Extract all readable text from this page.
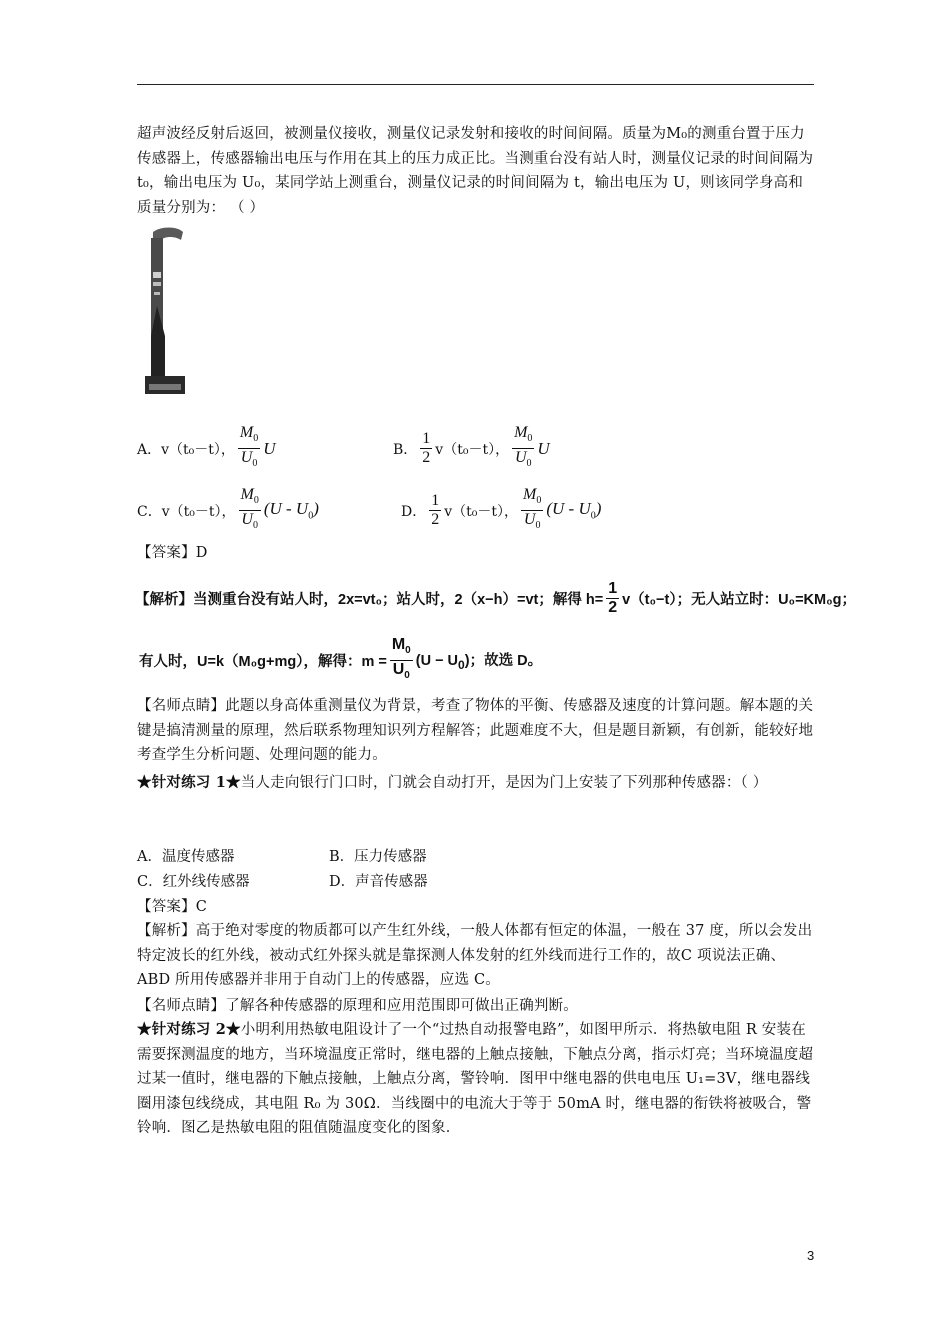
超声波经反射后返回，被测量仪接收，测量仪记录发射和接收的时间间隔。质量为M₀的测重台置于压力传感器上，传感器输出电压与作用在其上的压力成正比。当测重台没有站人时，测量仪记录的时间间隔为 t₀，输出电压为 U₀，某同学站上测重台，测量仪记录的时间间隔为 t，输出电压为 U，则该同学身高和质量分别为： （ ）
A．v（t₀－t）， $\frac{M_0}{U_0}$ U	B． $\frac{1}{2} v(t_0-t)$， $\frac{M_0}{U_0}$ U
C．v（t₀－t）， $\frac{M_0}{U_0} (U - U_0)$	D． $\frac{1}{2} v(t_0-t)$， $\frac{M_0}{U_0} (U - U_0)$
【答案】D
【解析】当测重台没有站人时，2x=vt₀；站人时，2（x−h）=vt；解得 $h= \frac{1}{2} v(t_0-t)$；无人站立时：U₀=KM₀g；
有人时，U=k（M₀g+mg），解得：$m = \frac{M_0}{U_0} (U - U_0)$；故选 D。
【名师点睛】此题以身高体重测量仪为背景，考查了物体的平衡、传感器及速度的计算问题。解本题的关键是搞清测量的原理，然后联系物理知识列方程解答；此题难度不大，但是题目新颖，有创新，能较好地考查学生分析问题、处理问题的能力。
★针对练习 1★当人走向银行门口时，门就会自动打开，是因为门上安装了下列那种传感器：（ ）
A．温度传感器	B．压力传感器
C．红外线传感器	D．声音传感器
【答案】C
【解析】高于绝对零度的物质都可以产生红外线，一般人体都有恒定的体温，一般在 37 度，所以会发出特定波长的红外线，被动式红外探头就是靠探测人体发射的红外线而进行工作的，故C 项说法正确、ABD 所用传感器并非用于自动门上的传感器，应选 C。
【名师点睛】了解各种传感器的原理和应用范围即可做出正确判断。
★针对练习 2★小明利用热敏电阻设计了一个“过热自动报警电路”，如图甲所示．将热敏电阻 R 安装在需要探测温度的地方，当环境温度正常时，继电器的上触点接触，下触点分离，指示灯亮；当环境温度超过某一值时，继电器的下触点接触，上触点分离，警铃响．图甲中继电器的供电电压 U₁=3V，继电器线圈用漆包线绕成，其电阻 R₀ 为 30Ω．当线圈中的电流大于等于 50mA 时，继电器的衔铁将被吸合，警铃响．图乙是热敏电阻的阻值随温度变化的图象．
3
